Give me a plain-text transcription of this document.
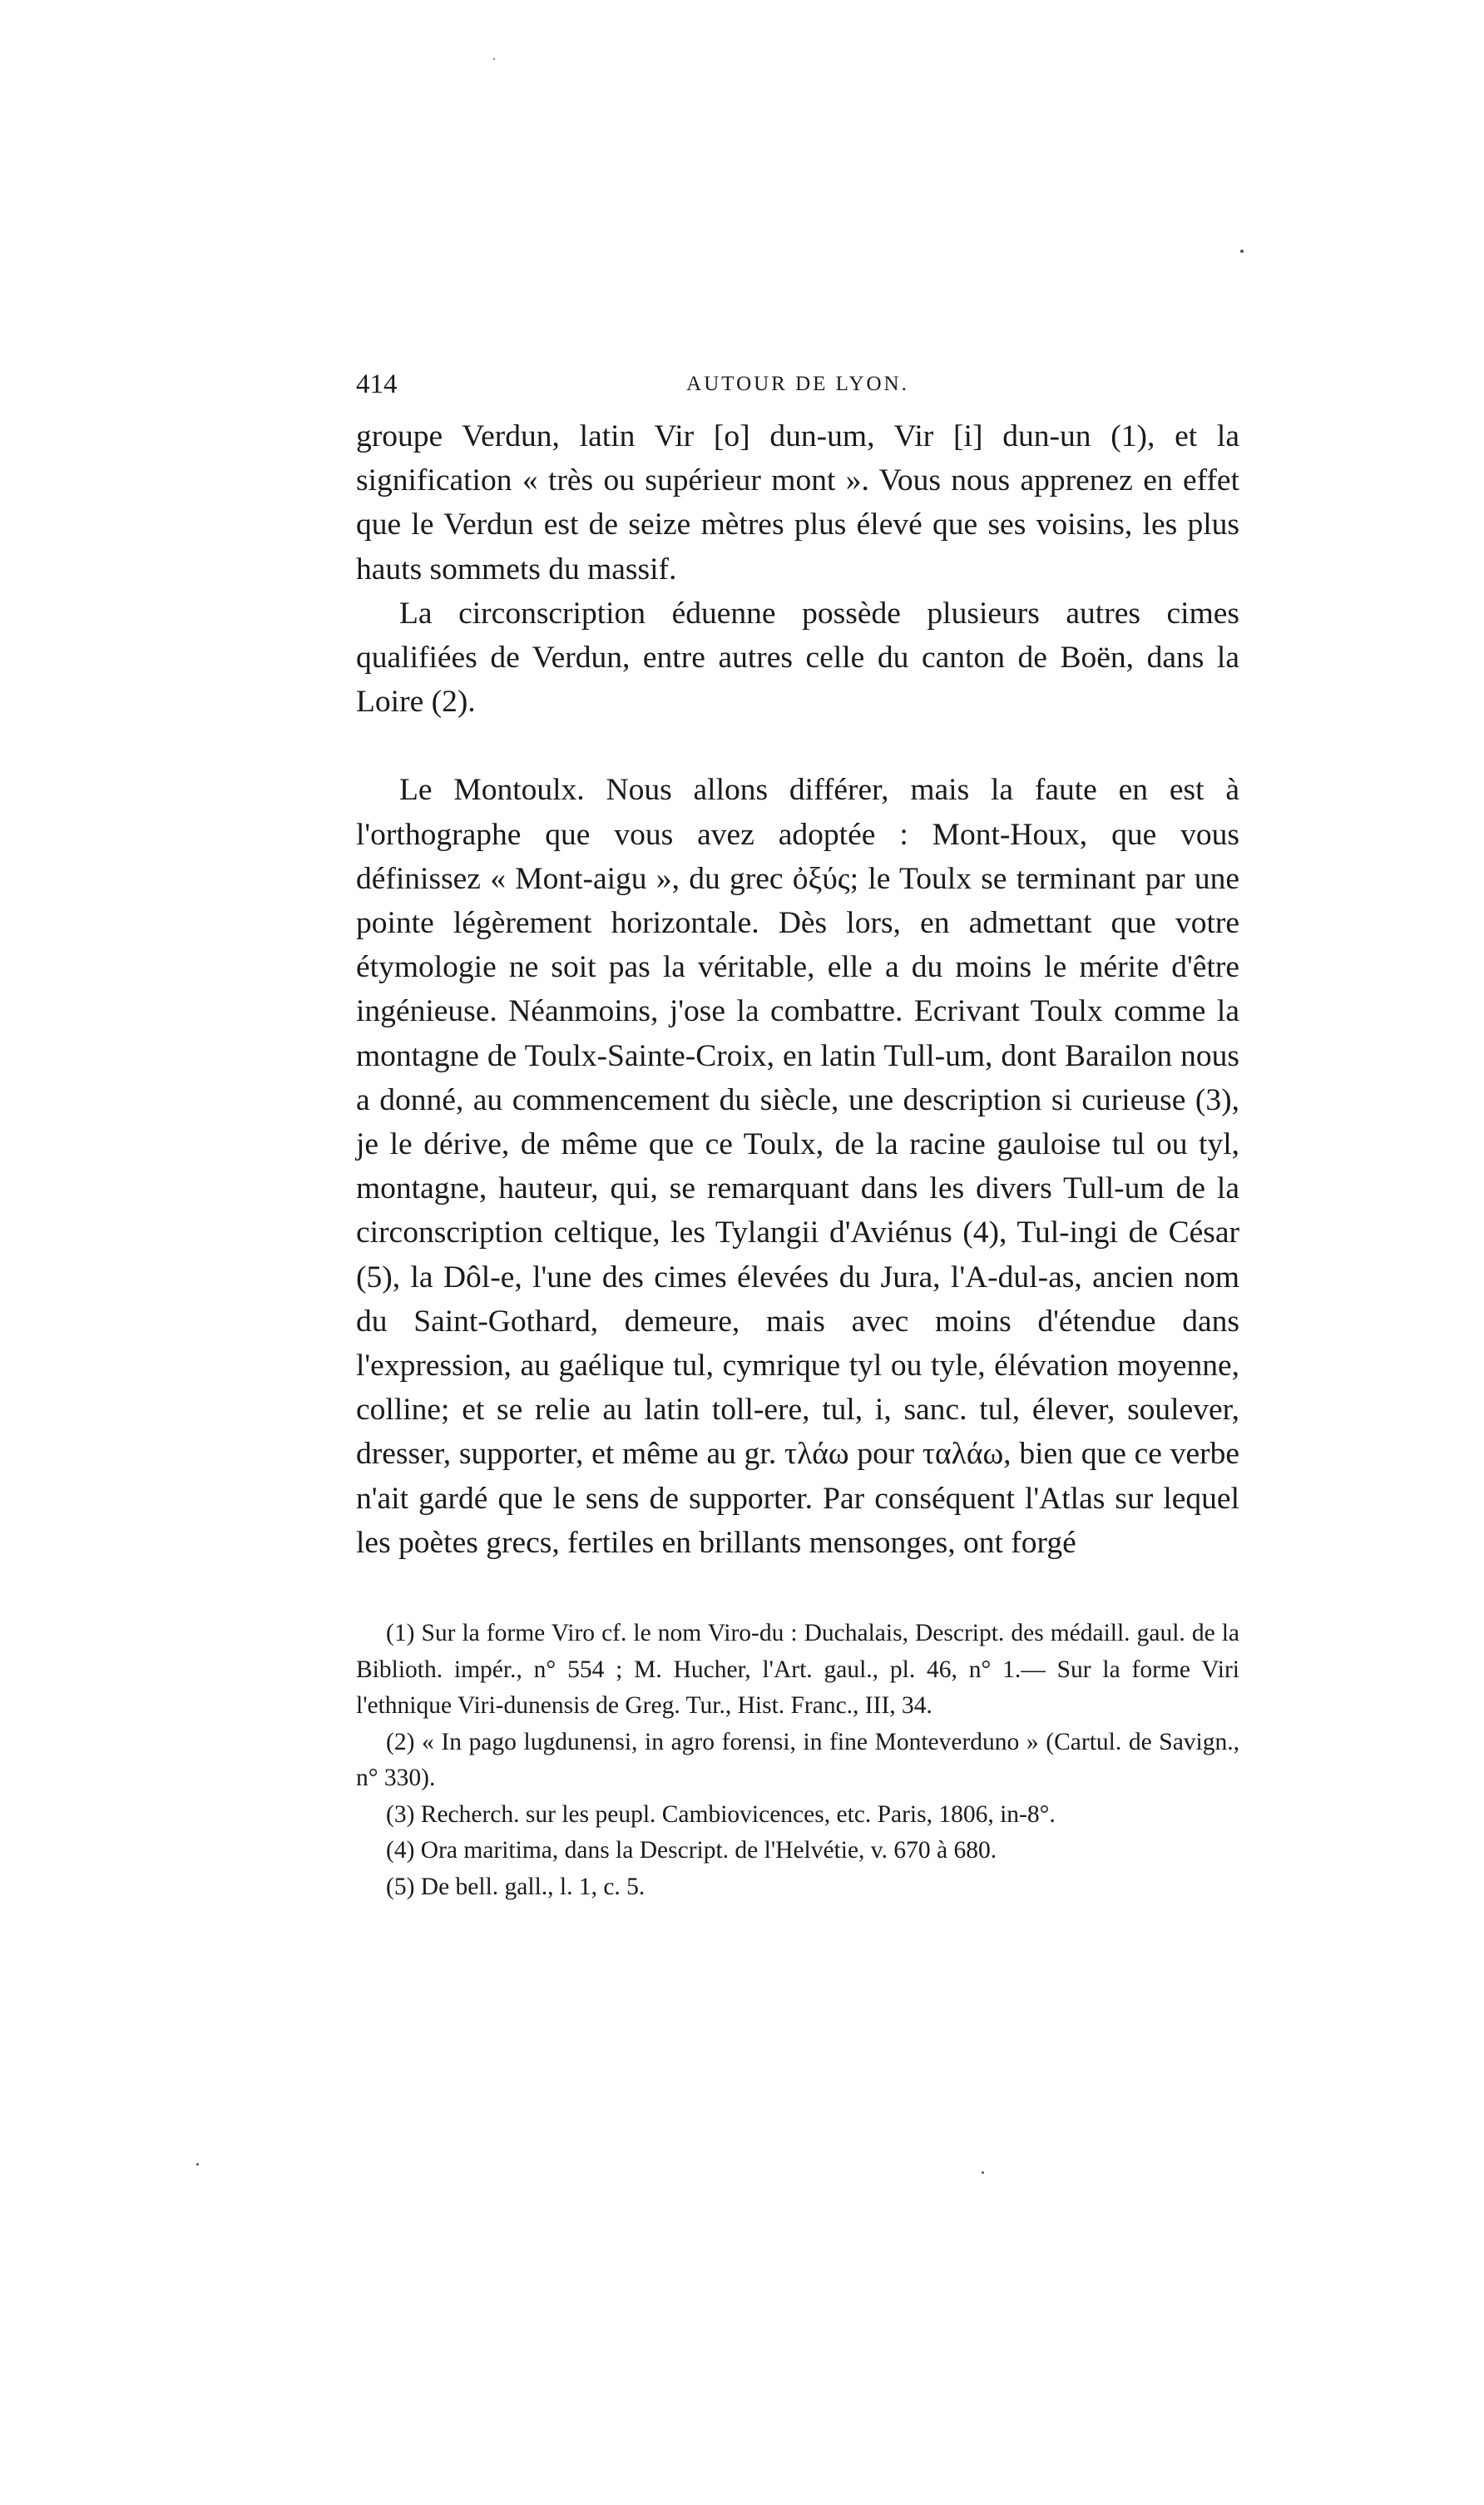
414	AUTOUR DE LYON.

groupe Verdun, latin Vir [o] dun-um, Vir [i] dun-un (1), et la signification « très ou supérieur mont ». Vous nous apprenez en effet que le Verdun est de seize mètres plus élevé que ses voisins, les plus hauts sommets du massif.

La circonscription éduenne possède plusieurs autres cimes qualifiées de Verdun, entre autres celle du canton de Boën, dans la Loire (2).

Le Montoulx. Nous allons différer, mais la faute en est à l'orthographe que vous avez adoptée : Mont-Houx, que vous définissez « Mont-aigu », du grec ὀξύς; le Toulx se terminant par une pointe légèrement horizontale. Dès lors, en admettant que votre étymologie ne soit pas la véritable, elle a du moins le mérite d'être ingénieuse. Néanmoins, j'ose la combattre. Ecrivant Toulx comme la montagne de Toulx-Sainte-Croix, en latin Tull-um, dont Barailon nous a donné, au commencement du siècle, une description si curieuse (3), je le dérive, de même que ce Toulx, de la racine gauloise tul ou tyl, montagne, hauteur, qui, se remarquant dans les divers Tull-um de la circonscription celtique, les Tylangii d'Aviénus (4), Tul-ingi de César (5), la Dôl-e, l'une des cimes élevées du Jura, l'A-dul-as, ancien nom du Saint-Gothard, demeure, mais avec moins d'étendue dans l'expression, au gaélique tul, cymrique tyl ou tyle, élévation moyenne, colline; et se relie au latin toll-ere, tul, i, sanc. tul, élever, soulever, dresser, supporter, et même au gr. τλάω pour ταλάω, bien que ce verbe n'ait gardé que le sens de supporter. Par conséquent l'Atlas sur lequel les poètes grecs, fertiles en brillants mensonges, ont forgé

(1) Sur la forme Viro cf. le nom Viro-du : Duchalais, Descript. des médaill. gaul. de la Biblioth. impér., n° 554 ; M. Hucher, l'Art. gaul., pl. 46, n° 1.— Sur la forme Viri l'ethnique Viri-dunensis de Greg. Tur., Hist. Franc., III, 34.

(2) « In pago lugdunensi, in agro forensi, in fine Monteverduno » (Cartul. de Savign., n° 330).

(3) Recherch. sur les peupl. Cambiovicences, etc. Paris, 1806, in-8°.

(4) Ora maritima, dans la Descript. de l'Helvétie, v. 670 à 680.

(5) De bell. gall., l. 1, c. 5.
